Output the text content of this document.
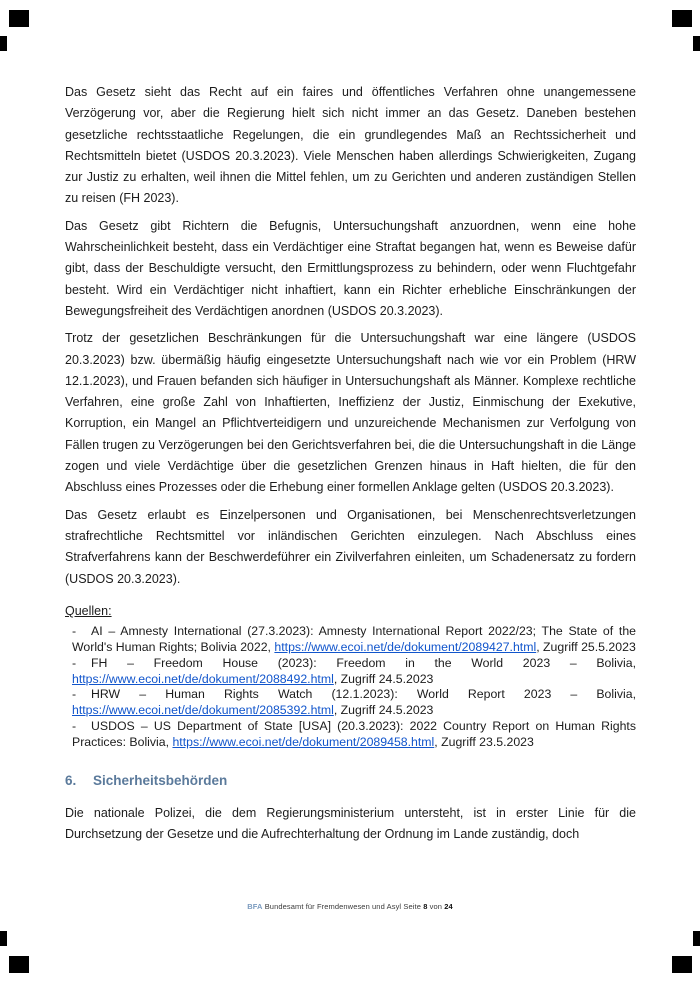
Das Gesetz sieht das Recht auf ein faires und öffentliches Verfahren ohne unangemessene Verzögerung vor, aber die Regierung hielt sich nicht immer an das Gesetz. Daneben bestehen gesetzliche rechtsstaatliche Regelungen, die ein grundlegendes Maß an Rechtssicherheit und Rechtsmitteln bietet (USDOS 20.3.2023). Viele Menschen haben allerdings Schwierigkeiten, Zugang zur Justiz zu erhalten, weil ihnen die Mittel fehlen, um zu Gerichten und anderen zuständigen Stellen zu reisen (FH 2023).

Das Gesetz gibt Richtern die Befugnis, Untersuchungshaft anzuordnen, wenn eine hohe Wahrscheinlichkeit besteht, dass ein Verdächtiger eine Straftat begangen hat, wenn es Beweise dafür gibt, dass der Beschuldigte versucht, den Ermittlungsprozess zu behindern, oder wenn Fluchtgefahr besteht. Wird ein Verdächtiger nicht inhaftiert, kann ein Richter erhebliche Einschränkungen der Bewegungsfreiheit des Verdächtigen anordnen (USDOS 20.3.2023).

Trotz der gesetzlichen Beschränkungen für die Untersuchungshaft war eine längere (USDOS 20.3.2023) bzw. übermäßig häufig eingesetzte Untersuchungshaft nach wie vor ein Problem (HRW 12.1.2023), und Frauen befanden sich häufiger in Untersuchungshaft als Männer. Komplexe rechtliche Verfahren, eine große Zahl von Inhaftierten, Ineffizienz der Justiz, Einmischung der Exekutive, Korruption, ein Mangel an Pflichtverteidigern und unzureichende Mechanismen zur Verfolgung von Fällen trugen zu Verzögerungen bei den Gerichtsverfahren bei, die die Untersuchungshaft in die Länge zogen und viele Verdächtige über die gesetzlichen Grenzen hinaus in Haft hielten, die für den Abschluss eines Prozesses oder die Erhebung einer formellen Anklage gelten (USDOS 20.3.2023).

Das Gesetz erlaubt es Einzelpersonen und Organisationen, bei Menschenrechtsverletzungen strafrechtliche Rechtsmittel vor inländischen Gerichten einzulegen. Nach Abschluss eines Strafverfahrens kann der Beschwerdeführer ein Zivilverfahren einleiten, um Schadenersatz zu fordern (USDOS 20.3.2023).

Quellen:
- AI – Amnesty International (27.3.2023): Amnesty International Report 2022/23; The State of the World's Human Rights; Bolivia 2022, https://www.ecoi.net/de/dokument/2089427.html, Zugriff 25.5.2023
- FH – Freedom House (2023): Freedom in the World 2023 – Bolivia, https://www.ecoi.net/de/dokument/2088492.html, Zugriff 24.5.2023
- HRW – Human Rights Watch (12.1.2023): World Report 2023 – Bolivia, https://www.ecoi.net/de/dokument/2085392.html, Zugriff 24.5.2023
- USDOS – US Department of State [USA] (20.3.2023): 2022 Country Report on Human Rights Practices: Bolivia, https://www.ecoi.net/de/dokument/2089458.html, Zugriff 23.5.2023
6. Sicherheitsbehörden

Die nationale Polizei, die dem Regierungsministerium untersteht, ist in erster Linie für die Durchsetzung der Gesetze und die Aufrechterhaltung der Ordnung im Lande zuständig, doch

BFA Bundesamt für Fremdenwesen und Asyl Seite 8 von 24
